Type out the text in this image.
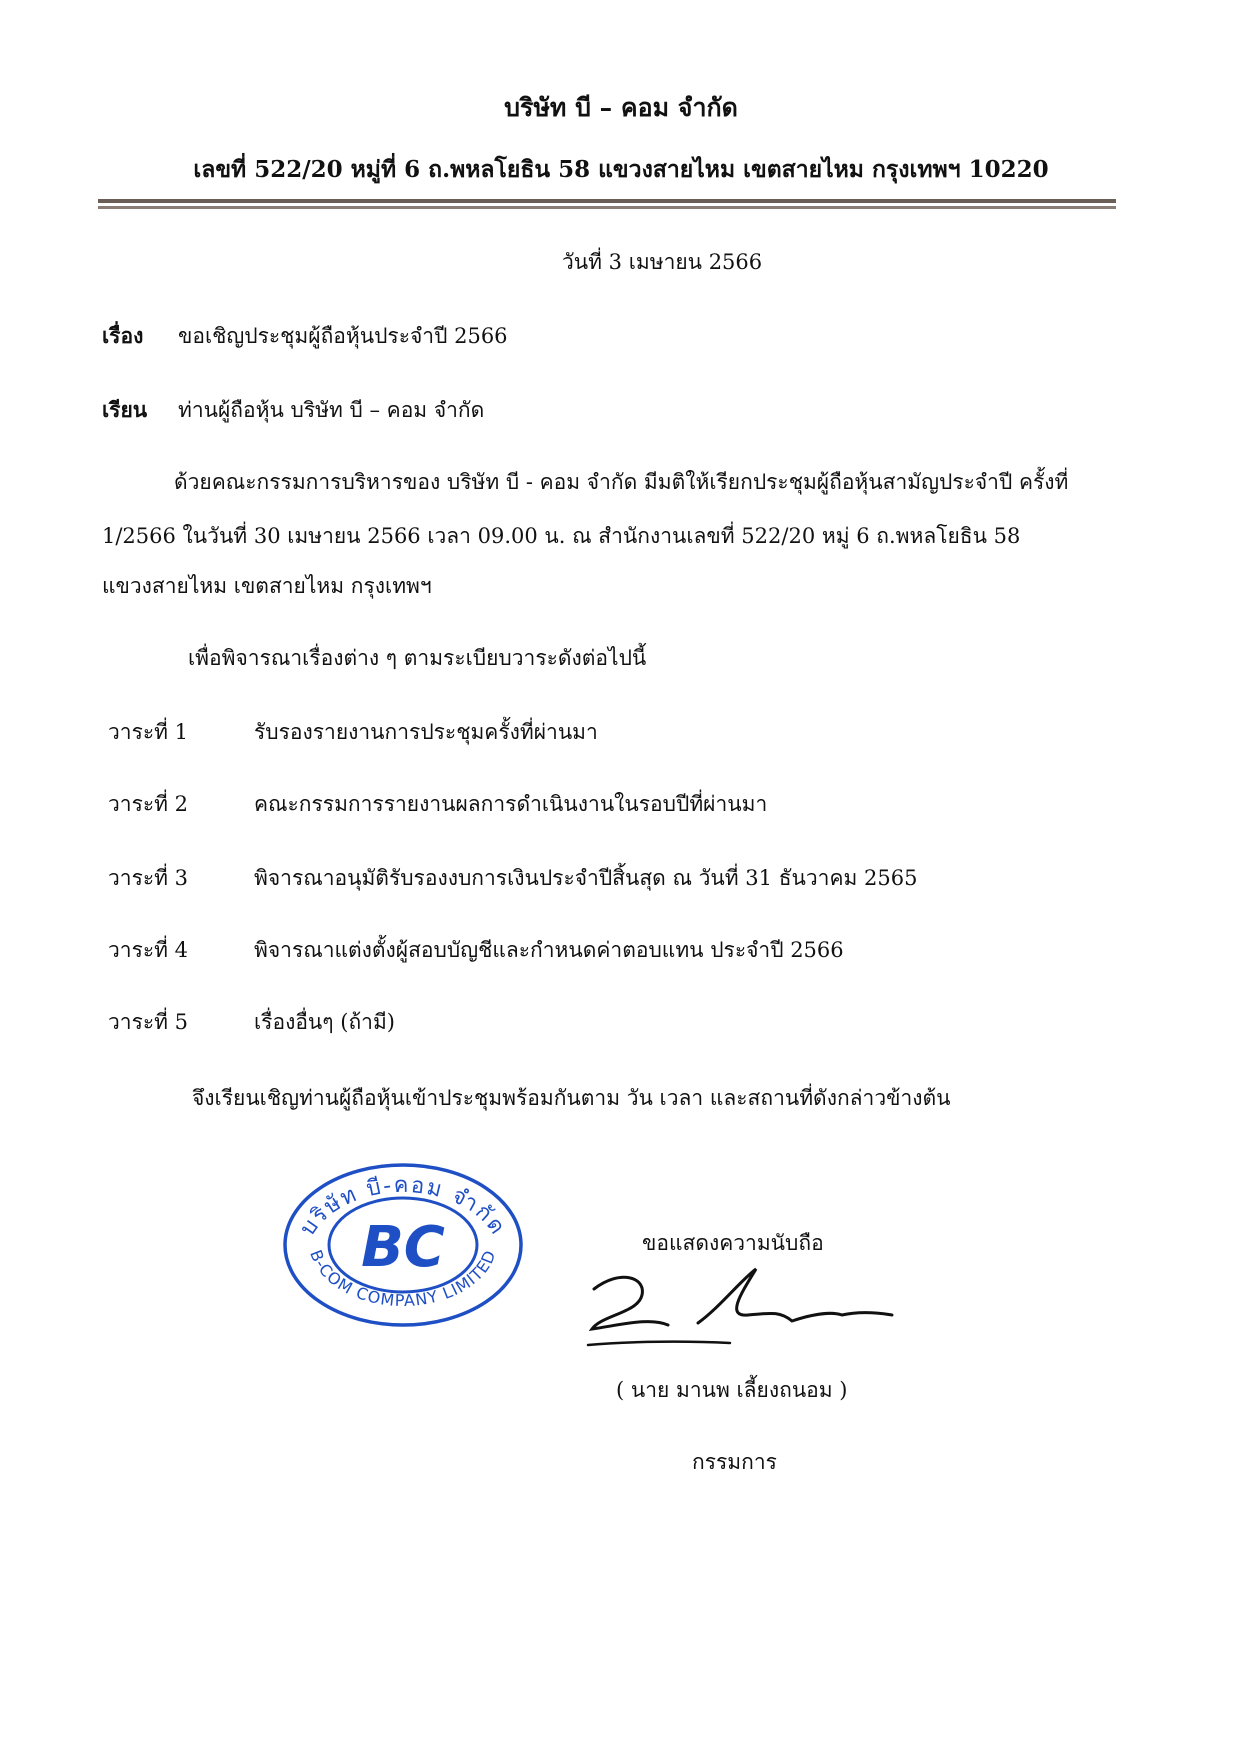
บริษัท บี – คอม จำกัด
เลขที่ 522/20 หมู่ที่ 6 ถ.พหลโยธิน 58 แขวงสายไหม เขตสายไหม กรุงเทพฯ 10220
วันที่ 3 เมษายน 2566
เรื่อง ขอเชิญประชุมผู้ถือหุ้นประจำปี 2566
เรียน ท่านผู้ถือหุ้น บริษัท บี – คอม จำกัด
ด้วยคณะกรรมการบริหารของ บริษัท บี - คอม จำกัด มีมติให้เรียกประชุมผู้ถือหุ้นสามัญประจำปี ครั้งที่
1/2566 ในวันที่ 30 เมษายน 2566 เวลา 09.00 น. ณ สำนักงานเลขที่ 522/20 หมู่ 6 ถ.พหลโยธิน 58
แขวงสายไหม เขตสายไหม กรุงเทพฯ
เพื่อพิจารณาเรื่องต่าง ๆ ตามระเบียบวาระดังต่อไปนี้
วาระที่ 1	รับรองรายงานการประชุมครั้งที่ผ่านมา
วาระที่ 2	คณะกรรมการรายงานผลการดำเนินงานในรอบปีที่ผ่านมา
วาระที่ 3	พิจารณาอนุมัติรับรองงบการเงินประจำปีสิ้นสุด ณ วันที่ 31 ธันวาคม 2565
วาระที่ 4	พิจารณาแต่งตั้งผู้สอบบัญชีและกำหนดค่าตอบแทน ประจำปี 2566
วาระที่ 5	เรื่องอื่นๆ (ถ้ามี)
จึงเรียนเชิญท่านผู้ถือหุ้นเข้าประชุมพร้อมกันตาม วัน เวลา และสถานที่ดังกล่าวข้างต้น
บริษัท บี-คอม จำกัด
BC
B-COM COMPANY LIMITED
ขอแสดงความนับถือ
( นาย มานพ เลี้ยงถนอม )
กรรมการ
